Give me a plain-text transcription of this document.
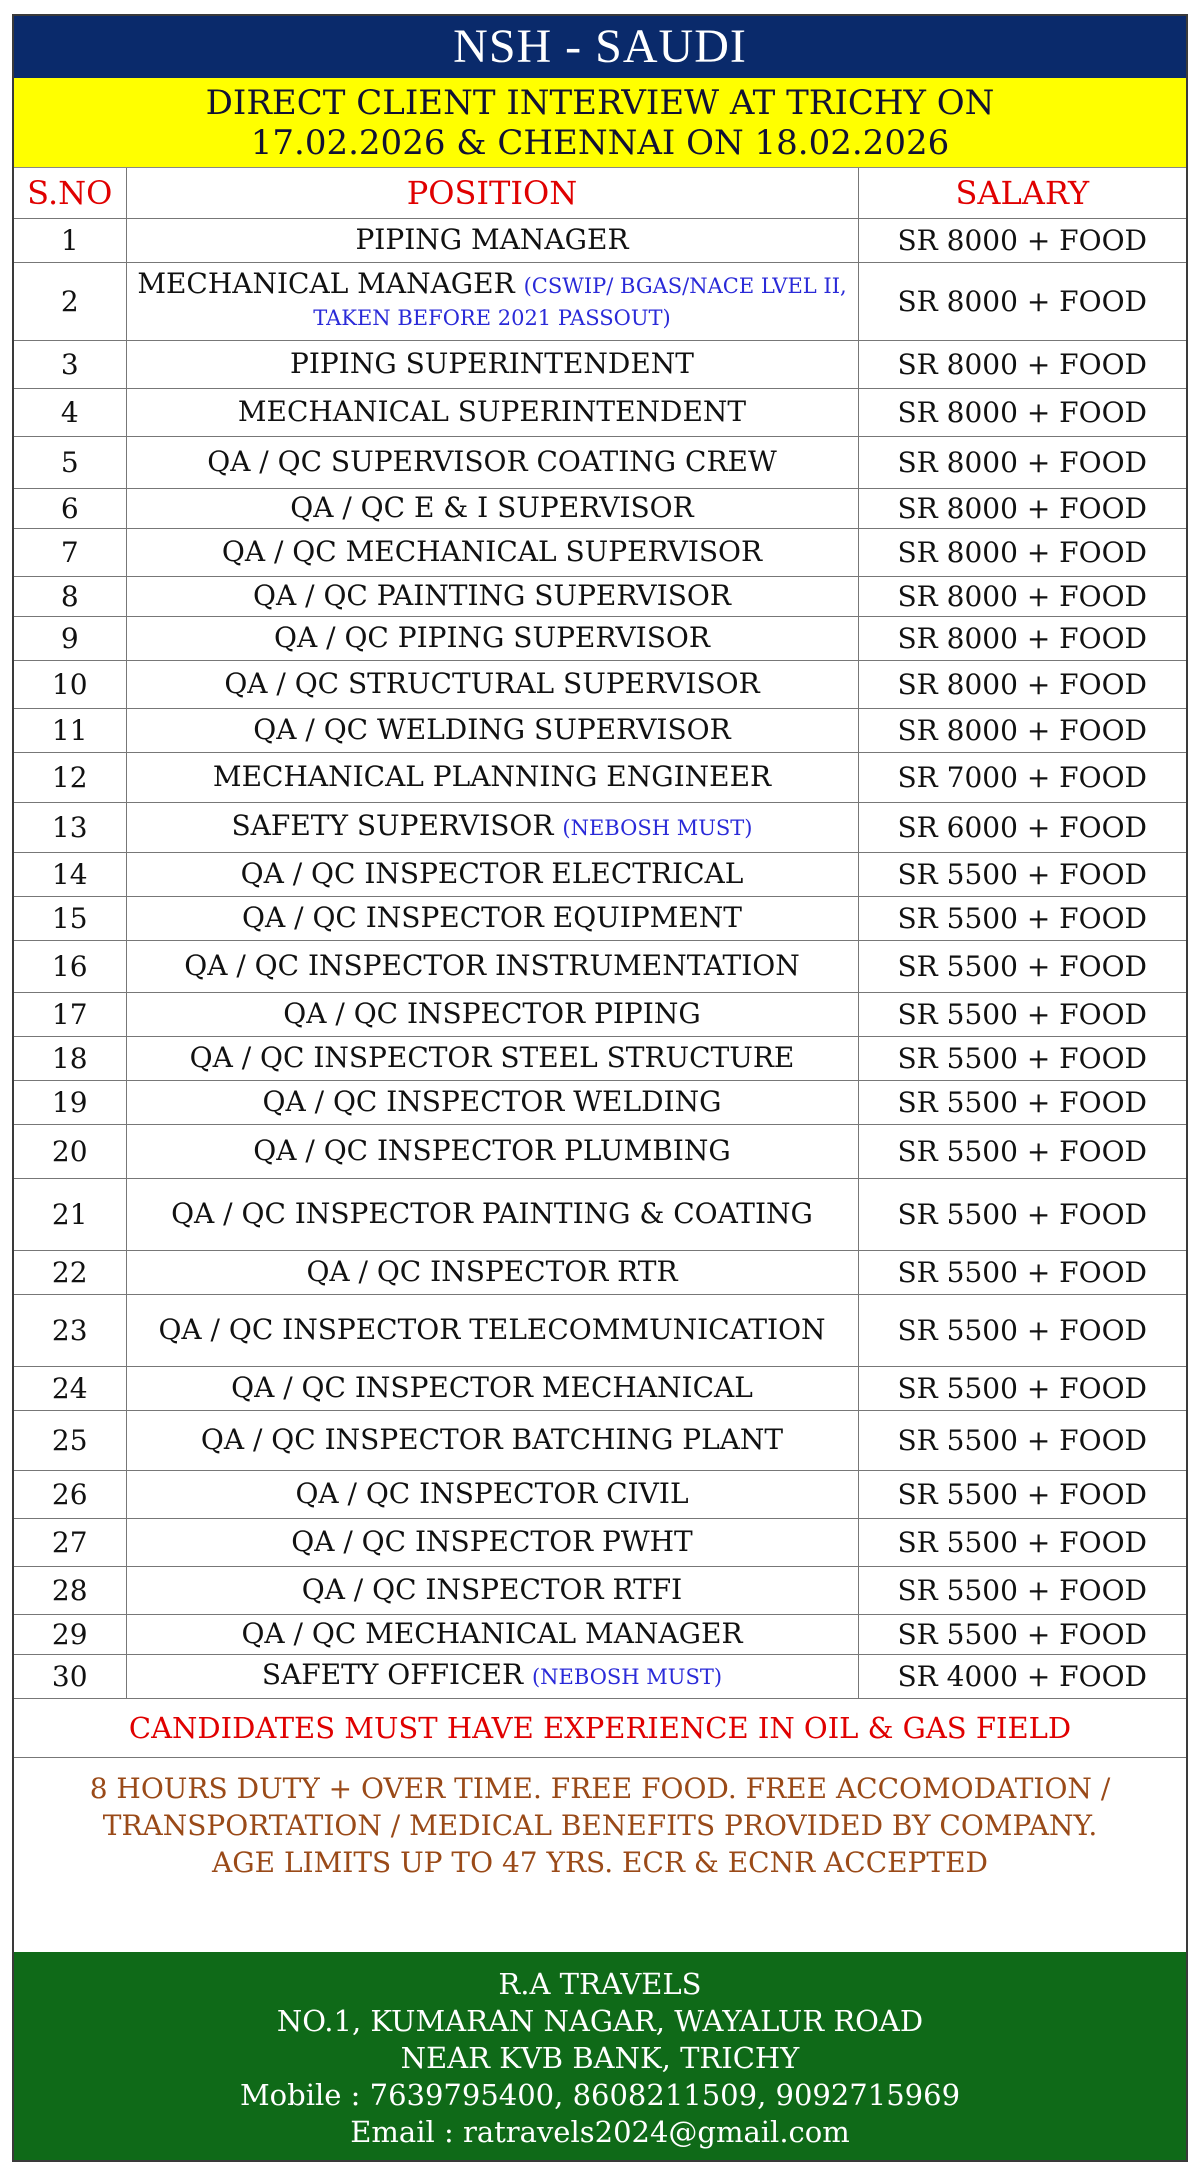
NSH - SAUDI
DIRECT CLIENT INTERVIEW AT TRICHY ON
17.02.2026 & CHENNAI ON 18.02.2026
S.NO	POSITION	SALARY
1	PIPING MANAGER	SR 8000 + FOOD
2	MECHANICAL MANAGER (CSWIP/ BGAS/NACE LVEL II, TAKEN BEFORE 2021 PASSOUT)	SR 8000 + FOOD
3	PIPING SUPERINTENDENT	SR 8000 + FOOD
4	MECHANICAL SUPERINTENDENT	SR 8000 + FOOD
5	QA / QC SUPERVISOR COATING CREW	SR 8000 + FOOD
6	QA / QC E & I SUPERVISOR	SR 8000 + FOOD
7	QA / QC MECHANICAL SUPERVISOR	SR 8000 + FOOD
8	QA / QC PAINTING SUPERVISOR	SR 8000 + FOOD
9	QA / QC PIPING SUPERVISOR	SR 8000 + FOOD
10	QA / QC STRUCTURAL SUPERVISOR	SR 8000 + FOOD
11	QA / QC WELDING SUPERVISOR	SR 8000 + FOOD
12	MECHANICAL PLANNING ENGINEER	SR 7000 + FOOD
13	SAFETY SUPERVISOR (NEBOSH MUST)	SR 6000 + FOOD
14	QA / QC INSPECTOR ELECTRICAL	SR 5500 + FOOD
15	QA / QC INSPECTOR EQUIPMENT	SR 5500 + FOOD
16	QA / QC INSPECTOR INSTRUMENTATION	SR 5500 + FOOD
17	QA / QC INSPECTOR PIPING	SR 5500 + FOOD
18	QA / QC INSPECTOR STEEL STRUCTURE	SR 5500 + FOOD
19	QA / QC INSPECTOR WELDING	SR 5500 + FOOD
20	QA / QC INSPECTOR PLUMBING	SR 5500 + FOOD
21	QA / QC INSPECTOR PAINTING & COATING	SR 5500 + FOOD
22	QA / QC INSPECTOR RTR	SR 5500 + FOOD
23	QA / QC INSPECTOR TELECOMMUNICATION	SR 5500 + FOOD
24	QA / QC INSPECTOR MECHANICAL	SR 5500 + FOOD
25	QA / QC INSPECTOR BATCHING PLANT	SR 5500 + FOOD
26	QA / QC INSPECTOR CIVIL	SR 5500 + FOOD
27	QA / QC INSPECTOR PWHT	SR 5500 + FOOD
28	QA / QC INSPECTOR RTFI	SR 5500 + FOOD
29	QA / QC MECHANICAL MANAGER	SR 5500 + FOOD
30	SAFETY OFFICER (NEBOSH MUST)	SR 4000 + FOOD
CANDIDATES MUST HAVE EXPERIENCE IN OIL & GAS FIELD
8 HOURS DUTY + OVER TIME. FREE FOOD. FREE ACCOMODATION /
TRANSPORTATION / MEDICAL BENEFITS PROVIDED BY COMPANY.
AGE LIMITS UP TO 47 YRS. ECR & ECNR ACCEPTED
R.A TRAVELS
NO.1, KUMARAN NAGAR, WAYALUR ROAD
NEAR KVB BANK, TRICHY
Mobile : 7639795400, 8608211509, 9092715969
Email : ratravels2024@gmail.com
